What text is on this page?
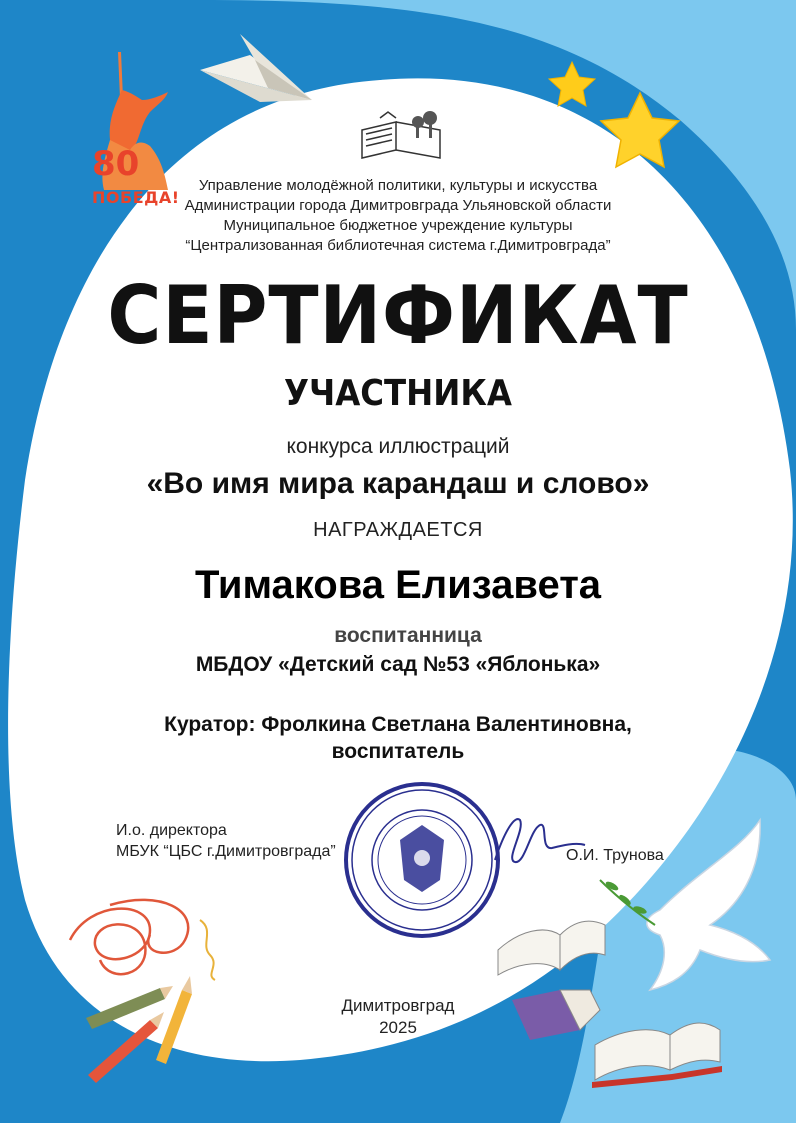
80
ПОБЕДА!
Управление молодёжной политики, культуры и искусства
Администрации города Димитровграда Ульяновской области
Муниципальное бюджетное учреждение культуры
“Централизованная библиотечная система г.Димитровграда”
СЕРТИФИКАТ
УЧАСТНИКА
конкурса иллюстраций
«Во имя мира карандаш и слово»
НАГРАЖДАЕТСЯ
Тимакова Елизавета
воспитанница
МБДОУ «Детский сад №53 «Яблонька»
Куратор: Фролкина Светлана Валентиновна,
воспитатель
И.о. директора
МБУК “ЦБС г.Димитровграда”	О.И. Трунова
Димитровград
2025
